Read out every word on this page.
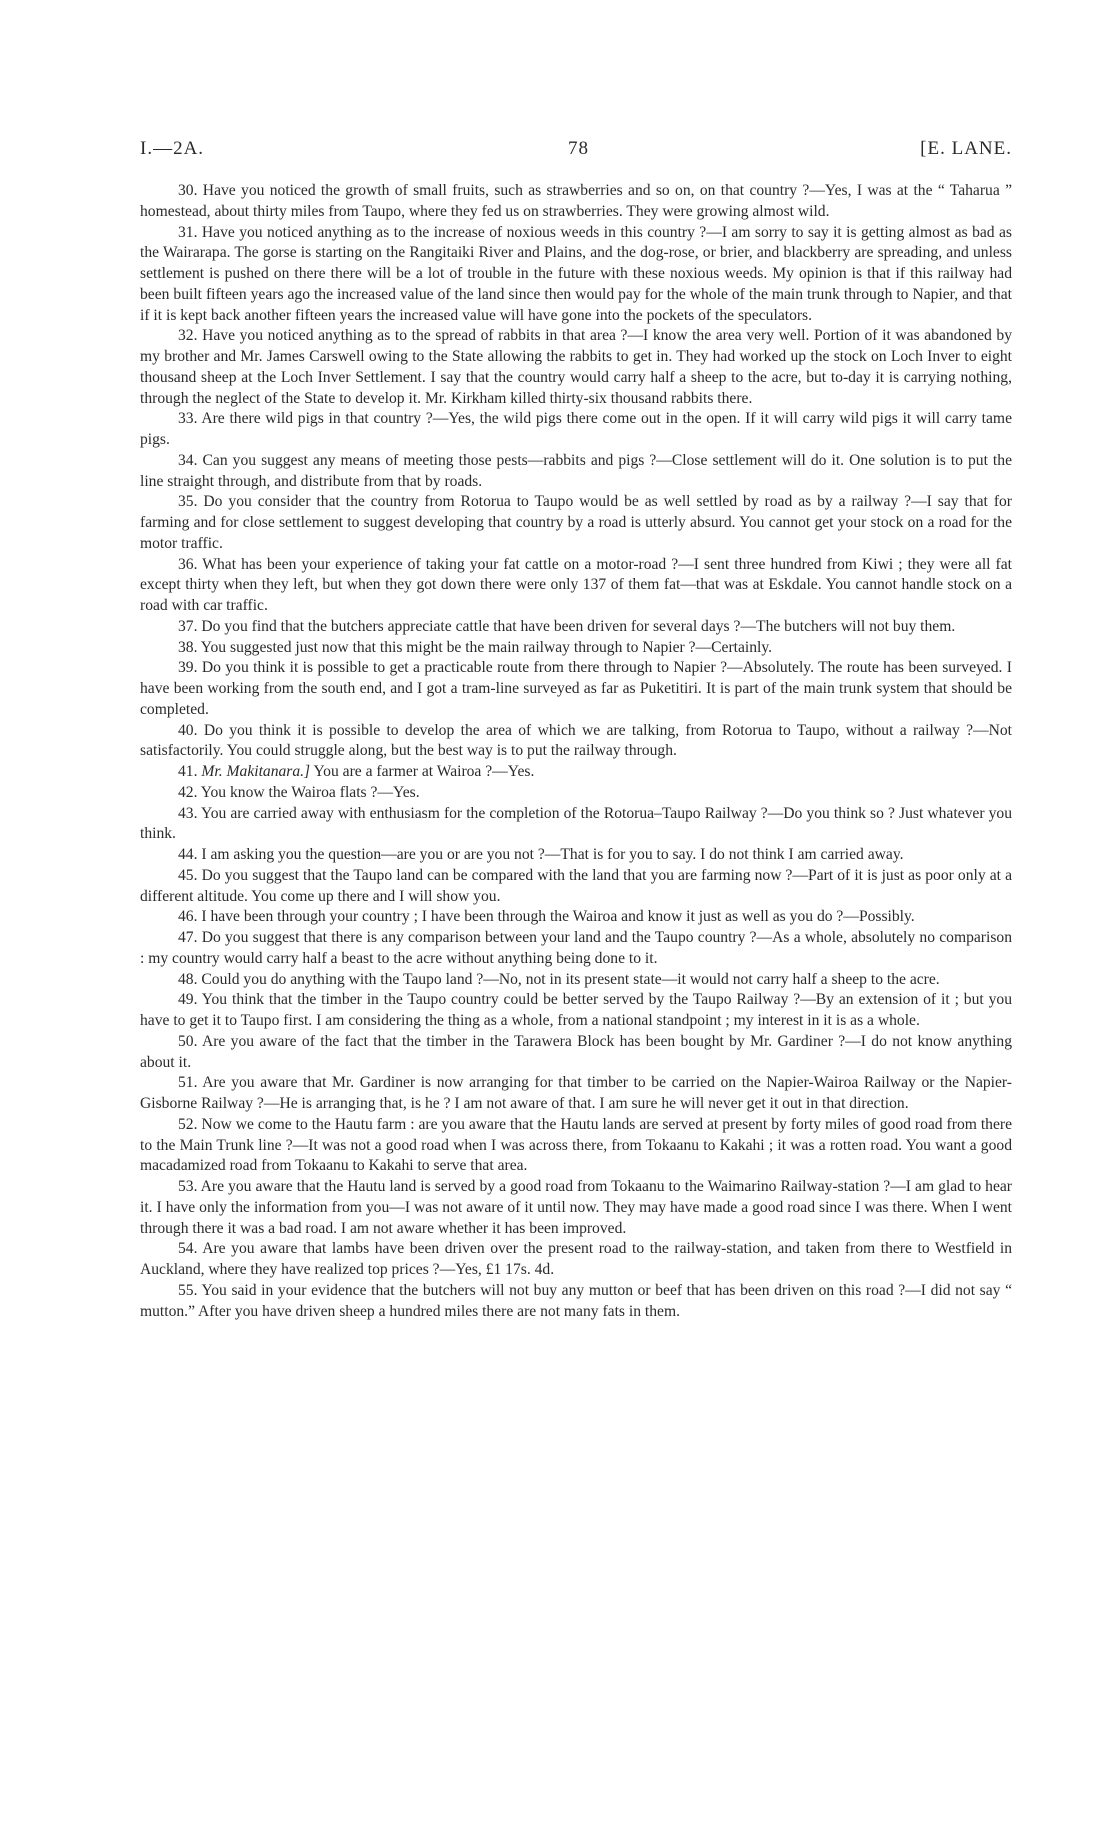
I.—2A.	78	[E. LANE.

30. Have you noticed the growth of small fruits, such as strawberries and so on, on that country ?—Yes, I was at the “ Taharua ” homestead, about thirty miles from Taupo, where they fed us on strawberries. They were growing almost wild.

31. Have you noticed anything as to the increase of noxious weeds in this country ?—I am sorry to say it is getting almost as bad as the Wairarapa. The gorse is starting on the Rangitaiki River and Plains, and the dog-rose, or brier, and blackberry are spreading, and unless settlement is pushed on there there will be a lot of trouble in the future with these noxious weeds. My opinion is that if this railway had been built fifteen years ago the increased value of the land since then would pay for the whole of the main trunk through to Napier, and that if it is kept back another fifteen years the increased value will have gone into the pockets of the speculators.

32. Have you noticed anything as to the spread of rabbits in that area ?—I know the area very well. Portion of it was abandoned by my brother and Mr. James Carswell owing to the State allowing the rabbits to get in. They had worked up the stock on Loch Inver to eight thousand sheep at the Loch Inver Settlement. I say that the country would carry half a sheep to the acre, but to-day it is carrying nothing, through the neglect of the State to develop it. Mr. Kirkham killed thirty-six thousand rabbits there.

33. Are there wild pigs in that country ?—Yes, the wild pigs there come out in the open. If it will carry wild pigs it will carry tame pigs.

34. Can you suggest any means of meeting those pests—rabbits and pigs ?—Close settlement will do it. One solution is to put the line straight through, and distribute from that by roads.

35. Do you consider that the country from Rotorua to Taupo would be as well settled by road as by a railway ?—I say that for farming and for close settlement to suggest developing that country by a road is utterly absurd. You cannot get your stock on a road for the motor traffic.

36. What has been your experience of taking your fat cattle on a motor-road ?—I sent three hundred from Kiwi ; they were all fat except thirty when they left, but when they got down there were only 137 of them fat—that was at Eskdale. You cannot handle stock on a road with car traffic.

37. Do you find that the butchers appreciate cattle that have been driven for several days ?—The butchers will not buy them.

38. You suggested just now that this might be the main railway through to Napier ?—Certainly.

39. Do you think it is possible to get a practicable route from there through to Napier ?—Absolutely. The route has been surveyed. I have been working from the south end, and I got a tram-line surveyed as far as Puketitiri. It is part of the main trunk system that should be completed.

40. Do you think it is possible to develop the area of which we are talking, from Rotorua to Taupo, without a railway ?—Not satisfactorily. You could struggle along, but the best way is to put the railway through.

41. Mr. Makitanara.] You are a farmer at Wairoa ?—Yes.

42. You know the Wairoa flats ?—Yes.

43. You are carried away with enthusiasm for the completion of the Rotorua–Taupo Railway ?—Do you think so ? Just whatever you think.

44. I am asking you the question—are you or are you not ?—That is for you to say. I do not think I am carried away.

45. Do you suggest that the Taupo land can be compared with the land that you are farming now ?—Part of it is just as poor only at a different altitude. You come up there and I will show you.

46. I have been through your country ; I have been through the Wairoa and know it just as well as you do ?—Possibly.

47. Do you suggest that there is any comparison between your land and the Taupo country ?—As a whole, absolutely no comparison : my country would carry half a beast to the acre without anything being done to it.

48. Could you do anything with the Taupo land ?—No, not in its present state—it would not carry half a sheep to the acre.

49. You think that the timber in the Taupo country could be better served by the Taupo Railway ?—By an extension of it ; but you have to get it to Taupo first. I am considering the thing as a whole, from a national standpoint ; my interest in it is as a whole.

50. Are you aware of the fact that the timber in the Tarawera Block has been bought by Mr. Gardiner ?—I do not know anything about it.

51. Are you aware that Mr. Gardiner is now arranging for that timber to be carried on the Napier-Wairoa Railway or the Napier-Gisborne Railway ?—He is arranging that, is he ? I am not aware of that. I am sure he will never get it out in that direction.

52. Now we come to the Hautu farm : are you aware that the Hautu lands are served at present by forty miles of good road from there to the Main Trunk line ?—It was not a good road when I was across there, from Tokaanu to Kakahi ; it was a rotten road. You want a good macadamized road from Tokaanu to Kakahi to serve that area.

53. Are you aware that the Hautu land is served by a good road from Tokaanu to the Waimarino Railway-station ?—I am glad to hear it. I have only the information from you—I was not aware of it until now. They may have made a good road since I was there. When I went through there it was a bad road. I am not aware whether it has been improved.

54. Are you aware that lambs have been driven over the present road to the railway-station, and taken from there to Westfield in Auckland, where they have realized top prices ?—Yes, £1 17s. 4d.

55. You said in your evidence that the butchers will not buy any mutton or beef that has been driven on this road ?—I did not say “ mutton.” After you have driven sheep a hundred miles there are not many fats in them.
